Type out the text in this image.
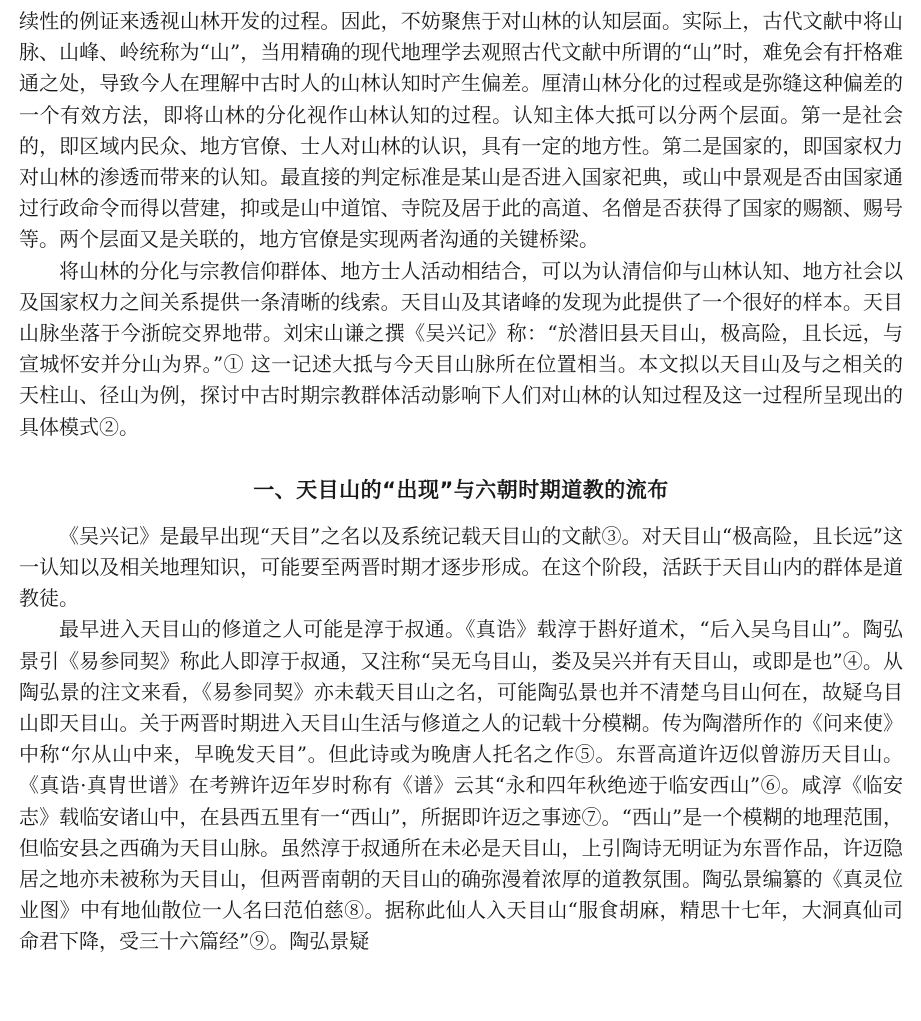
续性的例证来透视山林开发的过程。因此，不妨聚焦于对山林的认知层面。实际上，古代文献中将山脉、山峰、岭统称为“山”，当用精确的现代地理学去观照古代文献中所谓的“山”时，难免会有扞格难通之处，导致今人在理解中古时人的山林认知时产生偏差。厘清山林分化的过程或是弥缝这种偏差的一个有效方法，即将山林的分化视作山林认知的过程。认知主体大抵可以分两个层面。第一是社会的，即区域内民众、地方官僚、士人对山林的认识，具有一定的地方性。第二是国家的，即国家权力对山林的渗透而带来的认知。最直接的判定标准是某山是否进入国家祀典，或山中景观是否由国家通过行政命令而得以营建，抑或是山中道馆、寺院及居于此的高道、名僧是否获得了国家的赐额、赐号等。两个层面又是关联的，地方官僚是实现两者沟通的关键桥梁。

将山林的分化与宗教信仰群体、地方士人活动相结合，可以为认清信仰与山林认知、地方社会以及国家权力之间关系提供一条清晰的线索。天目山及其诸峰的发现为此提供了一个很好的样本。天目山脉坐落于今浙皖交界地带。刘宋山谦之撰《吴兴记》称：“於潜旧县天目山，极高险，且长远，与宣城怀安并分山为界。”① 这一记述大抵与今天目山脉所在位置相当。本文拟以天目山及与之相关的天柱山、径山为例，探讨中古时期宗教群体活动影响下人们对山林的认知过程及这一过程所呈现出的具体模式②。

一、天目山的“出现”与六朝时期道教的流布

《吴兴记》是最早出现“天目”之名以及系统记载天目山的文献③。对天目山“极高险，且长远”这一认知以及相关地理知识，可能要至两晋时期才逐步形成。在这个阶段，活跃于天目山内的群体是道教徒。

最早进入天目山的修道之人可能是淳于叔通。《真诰》载淳于斟好道术，“后入吴乌目山”。陶弘景引《易参同契》称此人即淳于叔通，又注称“吴无乌目山，娄及吴兴并有天目山，或即是也”④。从陶弘景的注文来看，《易参同契》亦未载天目山之名，可能陶弘景也并不清楚乌目山何在，故疑乌目山即天目山。关于两晋时期进入天目山生活与修道之人的记载十分模糊。传为陶潜所作的《问来使》中称“尔从山中来，早晚发天目”。但此诗或为晚唐人托名之作⑤。东晋高道许迈似曾游历天目山。《真诰·真胄世谱》在考辨许迈年岁时称有《谱》云其“永和四年秋绝迹于临安西山”⑥。咸淳《临安志》载临安诸山中，在县西五里有一“西山”，所据即许迈之事迹⑦。“西山”是一个模糊的地理范围，但临安县之西确为天目山脉。虽然淳于叔通所在未必是天目山，上引陶诗无明证为东晋作品，许迈隐居之地亦未被称为天目山，但两晋南朝的天目山的确弥漫着浓厚的道教氛围。陶弘景编纂的《真灵位业图》中有地仙散位一人名曰范伯慈⑧。据称此仙人入天目山“服食胡麻，精思十七年，大洞真仙司命君下降，受三十六篇经”⑨。陶弘景疑
